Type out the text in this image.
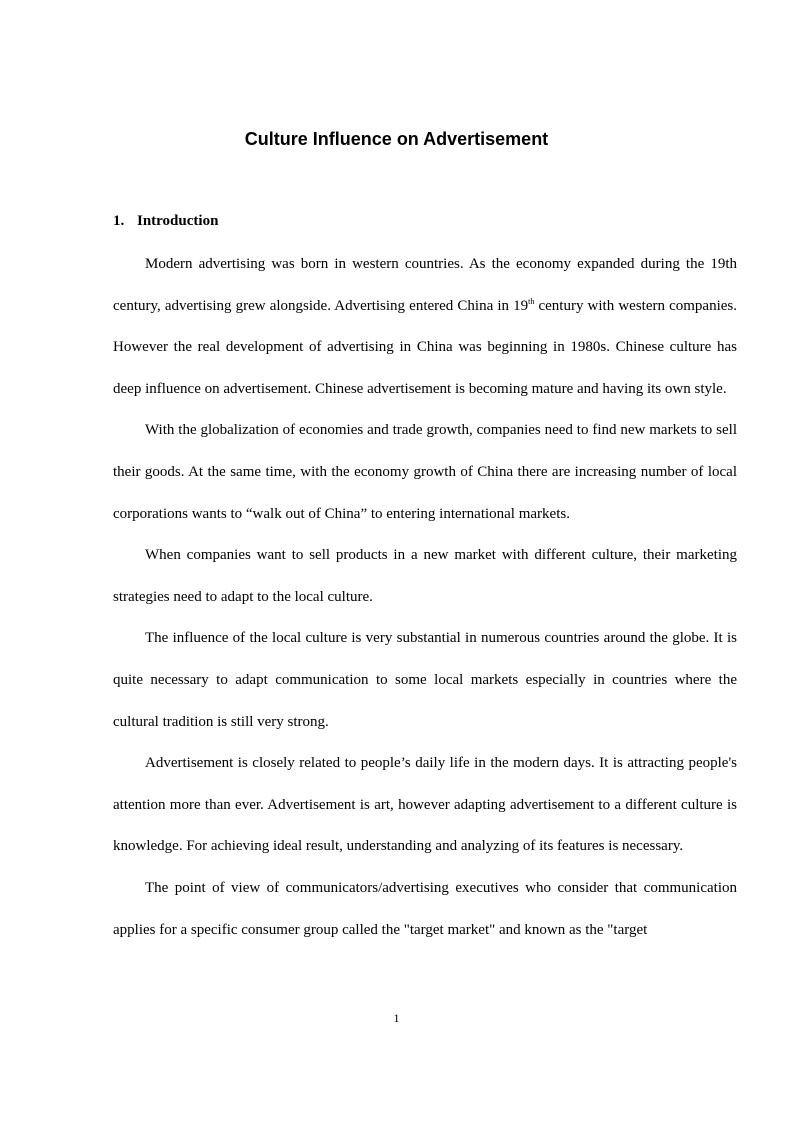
Culture Influence on Advertisement
1. Introduction

Modern advertising was born in western countries. As the economy expanded during the 19th century, advertising grew alongside. Advertising entered China in 19th century with western companies. However the real development of advertising in China was beginning in 1980s. Chinese culture has deep influence on advertisement. Chinese advertisement is becoming mature and having its own style.

With the globalization of economies and trade growth, companies need to find new markets to sell their goods. At the same time, with the economy growth of China there are increasing number of local corporations wants to “walk out of China” to entering international markets.

When companies want to sell products in a new market with different culture, their marketing strategies need to adapt to the local culture.

The influence of the local culture is very substantial in numerous countries around the globe. It is quite necessary to adapt communication to some local markets especially in countries where the cultural tradition is still very strong.

Advertisement is closely related to people’s daily life in the modern days. It is attracting people's attention more than ever. Advertisement is art, however adapting advertisement to a different culture is knowledge. For achieving ideal result, understanding and analyzing of its features is necessary.

The point of view of communicators/advertising executives who consider that communication applies for a specific consumer group called the "target market" and known as the "target

1
